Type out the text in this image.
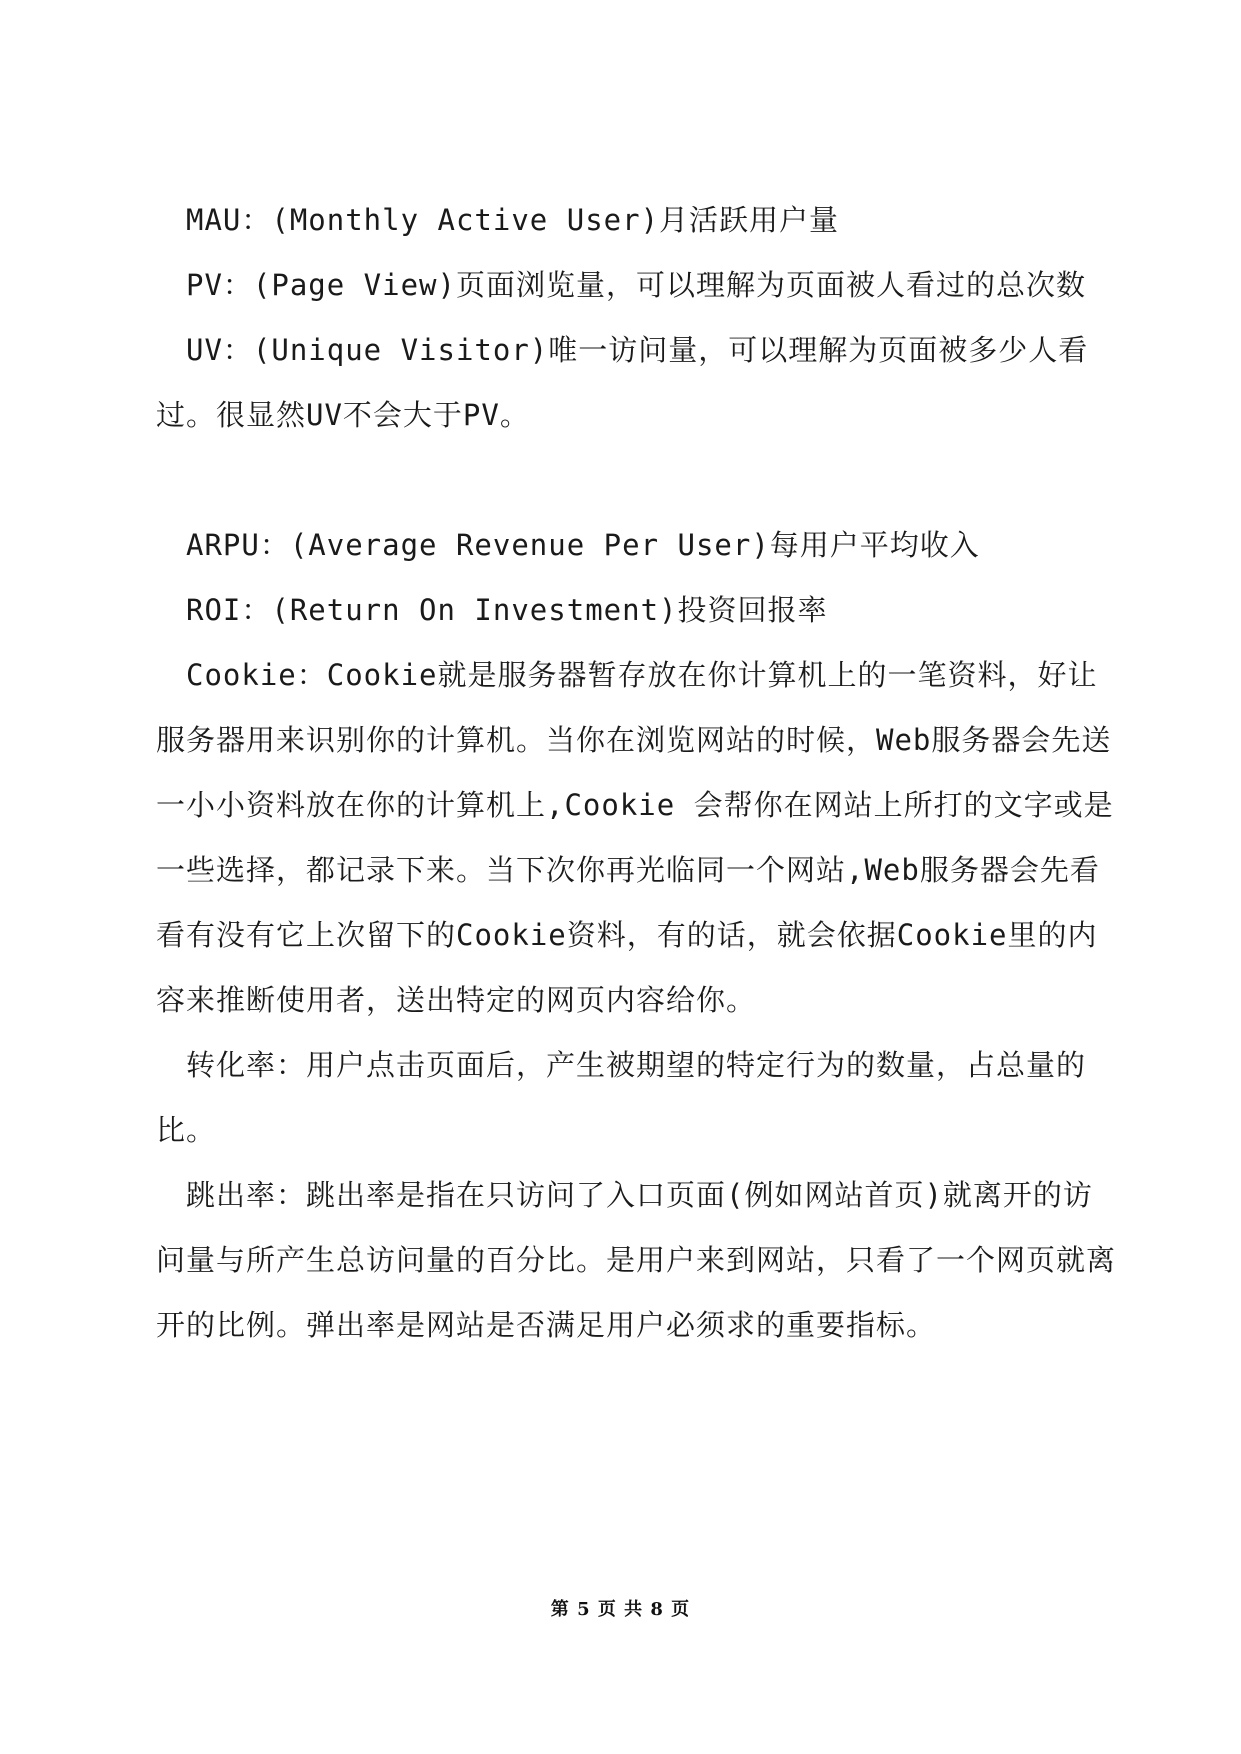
MAU：(Monthly Active User)月活跃用户量

PV：(Page View)页面浏览量，可以理解为页面被人看过的总次数

UV：(Unique Visitor)唯一访问量，可以理解为页面被多少人看过。很显然UV不会大于PV。

ARPU：(Average Revenue Per User)每用户平均收入

ROI：(Return On Investment)投资回报率

Cookie：Cookie就是服务器暂存放在你计算机上的一笔资料，好让服务器用来识别你的计算机。当你在浏览网站的时候，Web服务器会先送一小小资料放在你的计算机上,Cookie 会帮你在网站上所打的文字或是一些选择，都记录下来。当下次你再光临同一个网站,Web服务器会先看看有没有它上次留下的Cookie资料，有的话，就会依据Cookie里的内容来推断使用者，送出特定的网页内容给你。

转化率：用户点击页面后，产生被期望的特定行为的数量，占总量的比。

跳出率：跳出率是指在只访问了入口页面(例如网站首页)就离开的访问量与所产生总访问量的百分比。是用户来到网站，只看了一个网页就离开的比例。弹出率是网站是否满足用户必须求的重要指标。

第 5 页 共 8 页
